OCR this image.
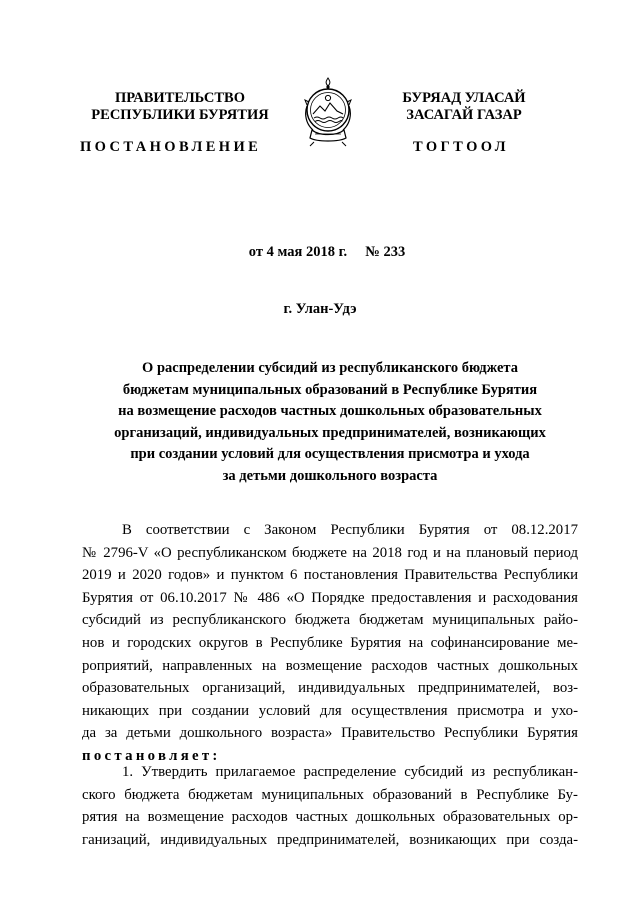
ПРАВИТЕЛЬСТВО
РЕСПУБЛИКИ БУРЯТИЯ
БУРЯАД УЛАСАЙ
ЗАСАГАЙ ГАЗАР
ПОСТАНОВЛЕНИЕ	ТОГТООЛ
от 4 мая 2018 г.     № 233
г. Улан-Удэ
О распределении субсидий из республиканского бюджета
бюджетам муниципальных образований в Республике Бурятия
на возмещение расходов частных дошкольных образовательных
организаций, индивидуальных предпринимателей, возникающих
при создании условий для осуществления присмотра и ухода
за детьми дошкольного возраста
В соответствии с Законом Республики Бурятия от 08.12.2017
№ 2796-V «О республиканском бюджете на 2018 год и на плановый период
2019 и 2020 годов» и пунктом 6 постановления Правительства Республики
Бурятия от 06.10.2017 № 486 «О Порядке предоставления и расходования
субсидий из республиканского бюджета бюджетам муниципальных райо-
нов и городских округов в Республике Бурятия на софинансирование ме-
роприятий, направленных на возмещение расходов частных дошкольных
образовательных организаций, индивидуальных предпринимателей, воз-
никающих при создании условий для осуществления присмотра и ухо-
да за детьми дошкольного возраста» Правительство Республики Бурятия
постановляет:
1. Утвердить прилагаемое распределение субсидий из республикан-
ского бюджета бюджетам муниципальных образований в Республике Бу-
рятия на возмещение расходов частных дошкольных образовательных ор-
ганизаций, индивидуальных предпринимателей, возникающих при созда-
